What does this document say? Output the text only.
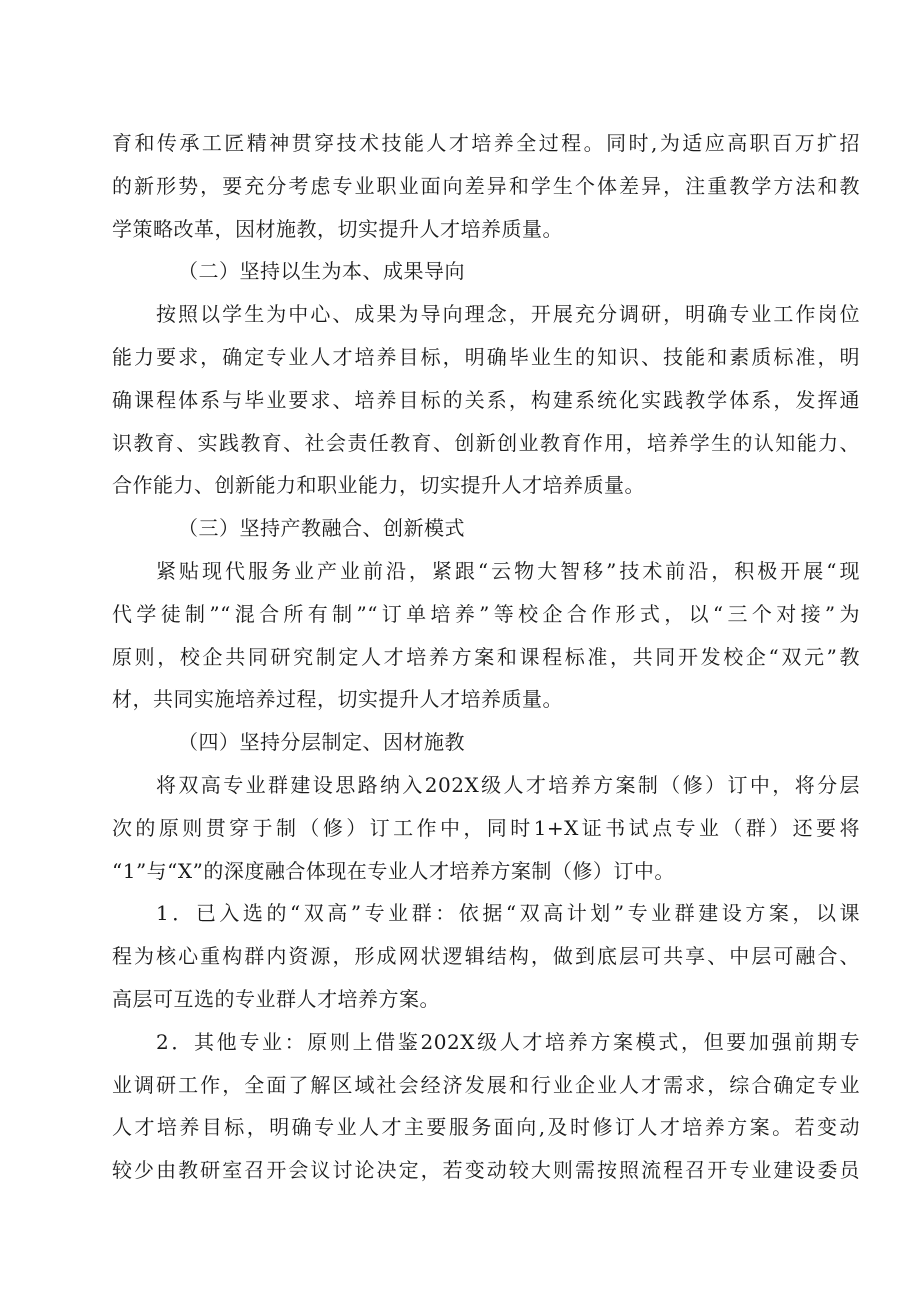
育和传承工匠精神贯穿技术技能人才培养全过程。同时,为适应高职百万扩招
的新形势，要充分考虑专业职业面向差异和学生个体差异，注重教学方法和教
学策略改革，因材施教，切实提升人才培养质量。
（二）坚持以生为本、成果导向
按照以学生为中心、成果为导向理念，开展充分调研，明确专业工作岗位
能力要求，确定专业人才培养目标，明确毕业生的知识、技能和素质标准，明
确课程体系与毕业要求、培养目标的关系，构建系统化实践教学体系，发挥通
识教育、实践教育、社会责任教育、创新创业教育作用，培养学生的认知能力、
合作能力、创新能力和职业能力，切实提升人才培养质量。
（三）坚持产教融合、创新模式
紧贴现代服务业产业前沿，紧跟“云物大智移”技术前沿，积极开展“现
代学徒制”“混合所有制”“订单培养”等校企合作形式，以“三个对接”为
原则，校企共同研究制定人才培养方案和课程标准，共同开发校企“双元”教
材，共同实施培养过程，切实提升人才培养质量。
（四）坚持分层制定、因材施教
将双高专业群建设思路纳入202X级人才培养方案制（修）订中，将分层
次的原则贯穿于制（修）订工作中，同时1+X证书试点专业（群）还要将
“1”与“X”的深度融合体现在专业人才培养方案制（修）订中。
1．已入选的“双高”专业群：依据“双高计划”专业群建设方案，以课
程为核心重构群内资源，形成网状逻辑结构，做到底层可共享、中层可融合、
高层可互选的专业群人才培养方案。
2．其他专业：原则上借鉴202X级人才培养方案模式，但要加强前期专
业调研工作，全面了解区域社会经济发展和行业企业人才需求，综合确定专业
人才培养目标，明确专业人才主要服务面向,及时修订人才培养方案。若变动
较少由教研室召开会议讨论决定，若变动较大则需按照流程召开专业建设委员
